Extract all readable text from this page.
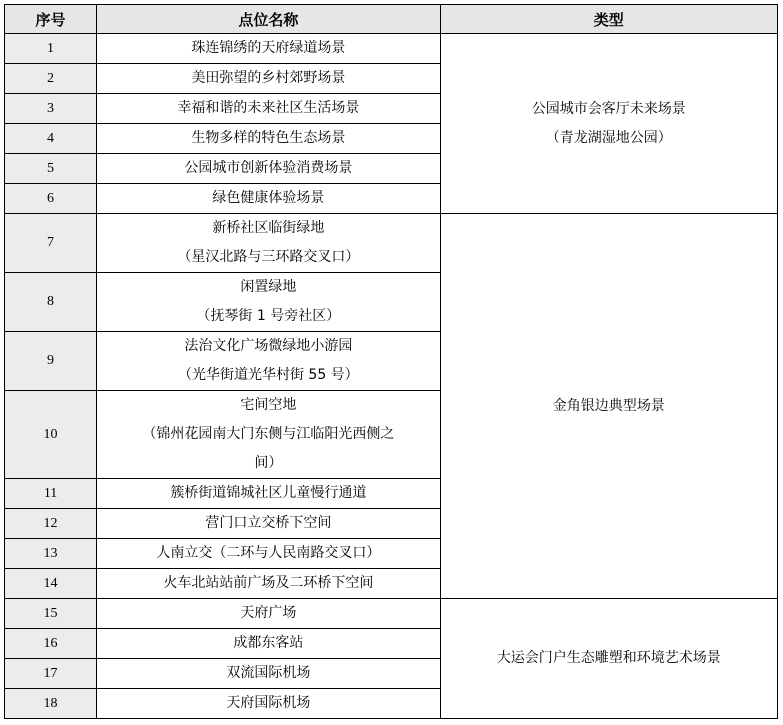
序号	点位名称	类型
1	珠连锦绣的天府绿道场景	公园城市会客厅未来场景
（青龙湖湿地公园）

2	美田弥望的乡村郊野场景	

3	幸福和谐的未来社区生活场景	

4	生物多样的特色生态场景	

5	公园城市创新体验消费场景	

6	绿色健康体验场景	

7	新桥社区临街绿地
（星汉北路与三环路交叉口）	金角银边典型场景

8	闲置绿地
（抚琴街 1 号旁社区）	

9	法治文化广场微绿地小游园
（光华街道光华村街 55 号）	

10	宅间空地
（锦州花园南大门东侧与江临阳光西侧之
间）	

11	簇桥街道锦城社区儿童慢行通道	

12	营门口立交桥下空间	

13	人南立交（二环与人民南路交叉口）	

14	火车北站站前广场及二环桥下空间	

15	天府广场	大运会门户生态雕塑和环境艺术场景

16	成都东客站	

17	双流国际机场	

18	天府国际机场	
